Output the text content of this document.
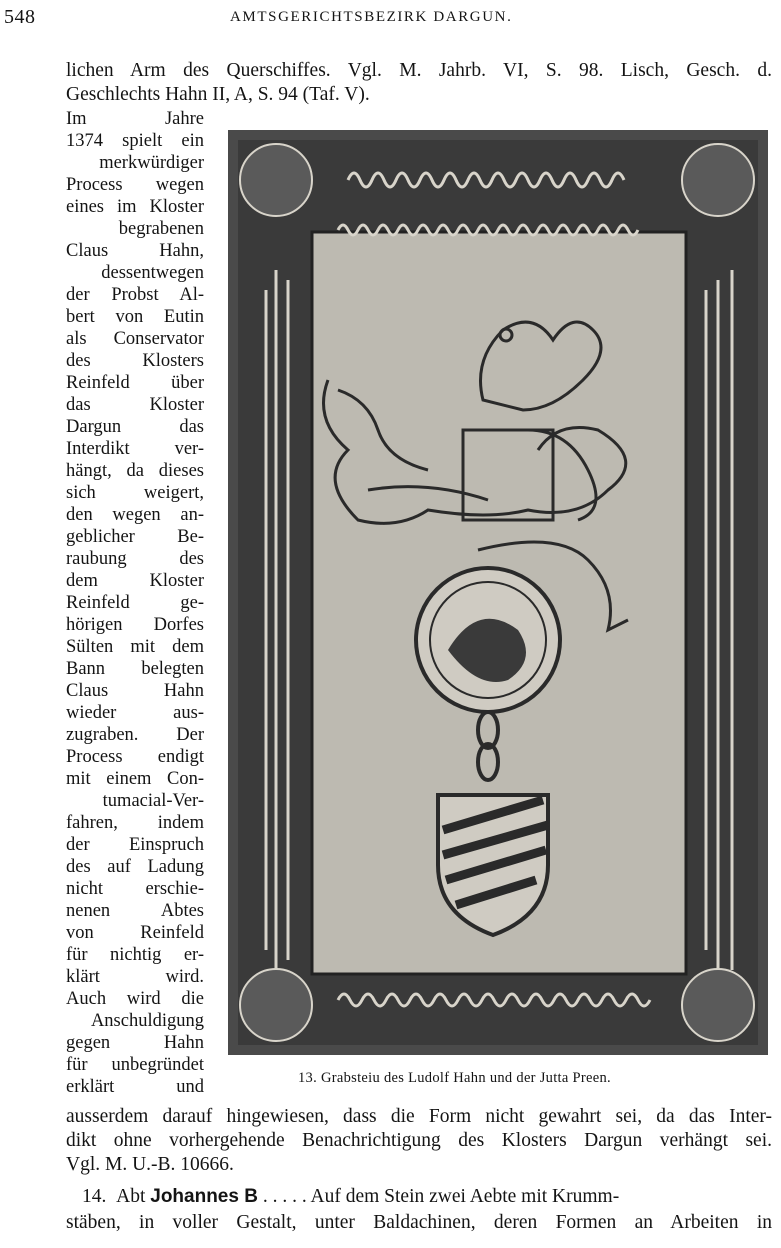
548	AMTSGERICHTSBEZIRK DARGUN.
lichen Arm des Querschiffes. Vgl. M. Jahrb. VI, S. 98. Lisch, Gesch. d.
Geschlechts Hahn II, A, S. 94 (Taf. V).
Im Jahre
1374 spielt ein
merkwürdiger
Process wegen
eines im Kloster
begrabenen
Claus Hahn,
dessentwegen
der Probst Al-
bert von Eutin
als Conservator
des Klosters
Reinfeld über
das Kloster
Dargun das
Interdikt ver-
hängt, da dieses
sich weigert,
den wegen an-
geblicher Be-
raubung des
dem Kloster
Reinfeld ge-
hörigen Dorfes
Sülten mit dem
Bann belegten
Claus Hahn
wieder aus-
zugraben. Der
Process endigt
mit einem Con-
tumacial-Ver-
fahren, indem
der Einspruch
des auf Ladung
nicht erschie-
nenen Abtes
von Reinfeld
für nichtig er-
klärt wird.
Auch wird die
Anschuldigung
gegen Hahn
für unbegründet
erklärt und	13. Grabsteiu des Ludolf Hahn und der Jutta Preen.
ausserdem darauf hingewiesen, dass die Form nicht gewahrt sei, da das Inter-
dikt ohne vorhergehende Benachrichtigung des Klosters Dargun verhängt sei.
Vgl. M. U.-B. 10666.
14. Abt Johannes B . . . . . Auf dem Stein zwei Aebte mit Krumm-
stäben, in voller Gestalt, unter Baldachinen, deren Formen an Arbeiten in
